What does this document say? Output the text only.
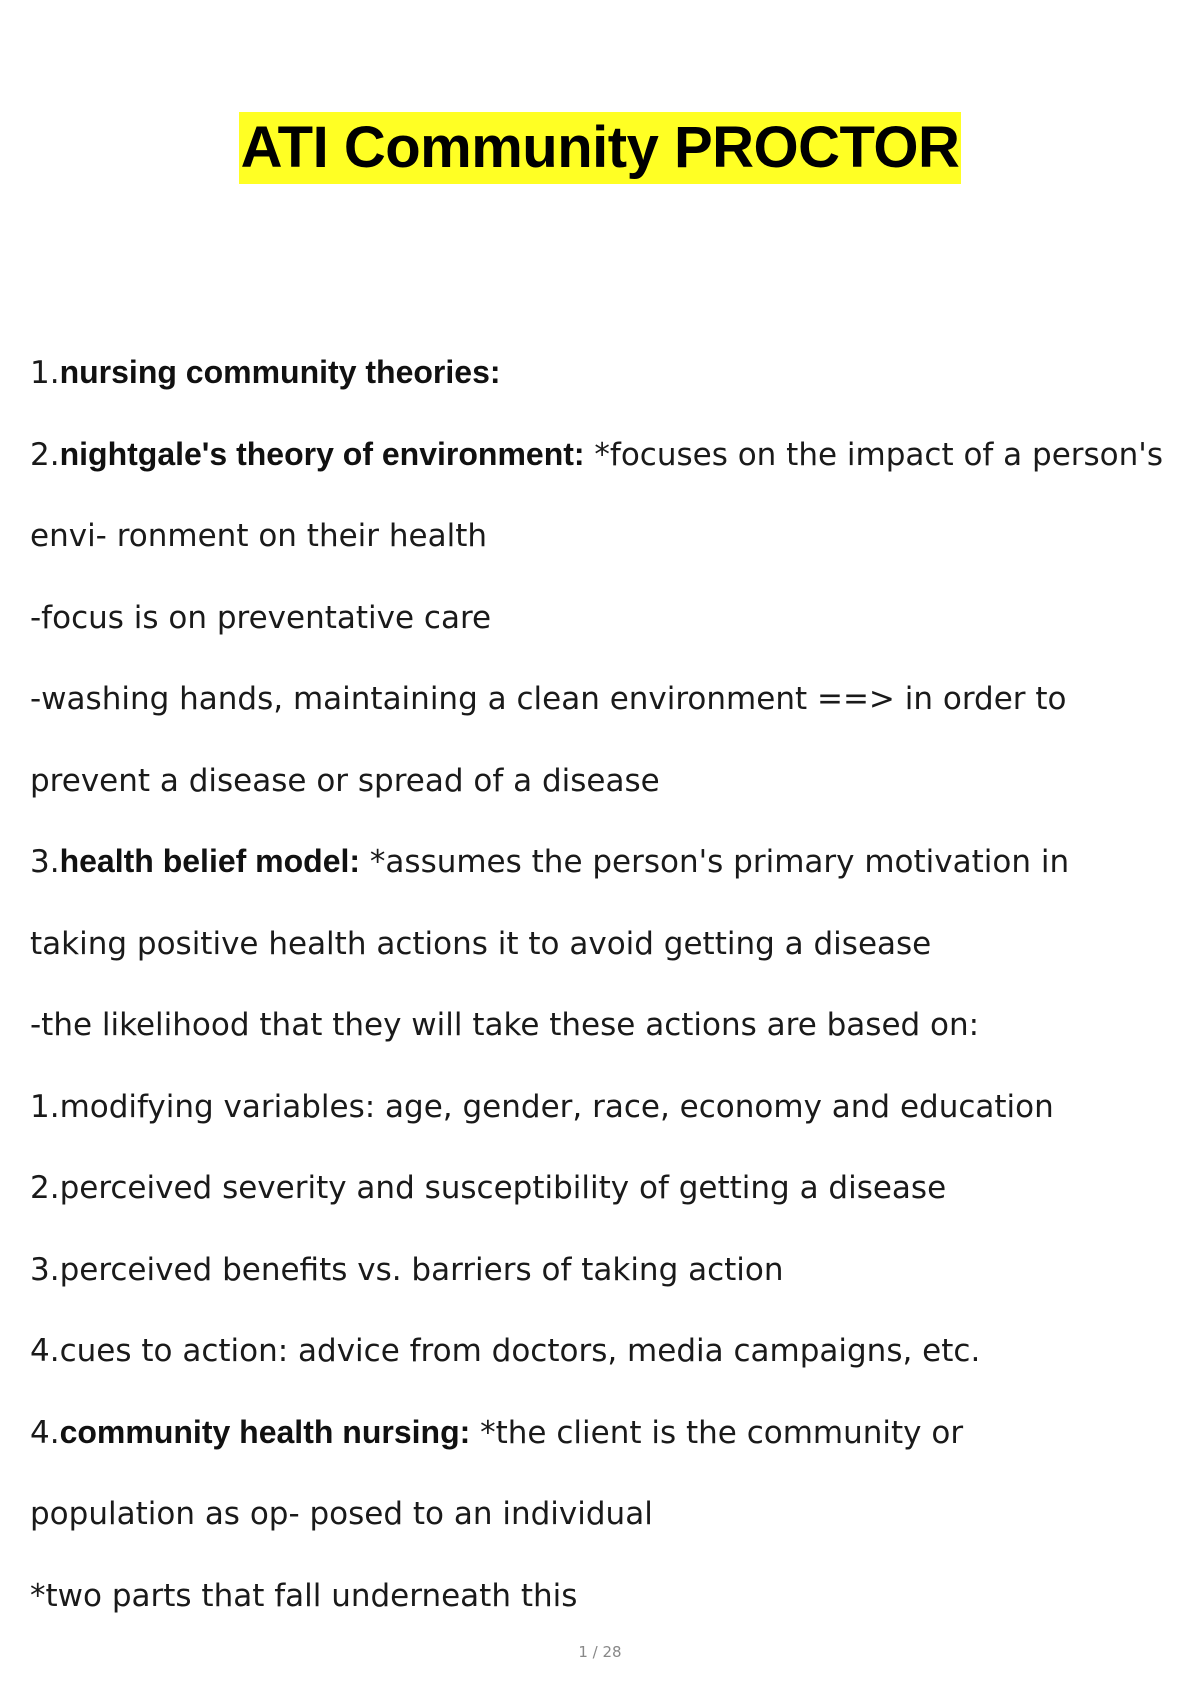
ATI Community PROCTOR
1.nursing community theories:
2.nightgale's theory of environment: *focuses on the impact of a person's
envi- ronment on their health
-focus is on preventative care
-washing hands, maintaining a clean environment ==> in order to
prevent a disease or spread of a disease
3.health belief model: *assumes the person's primary motivation in
taking positive health actions it to avoid getting a disease
-the likelihood that they will take these actions are based on:
1.modifying variables: age, gender, race, economy and education
2.perceived severity and susceptibility of getting a disease
3.perceived benefits vs. barriers of taking action
4.cues to action: advice from doctors, media campaigns, etc.
4.community health nursing: *the client is the community or
population as op- posed to an individual
*two parts that fall underneath this
1 / 28
